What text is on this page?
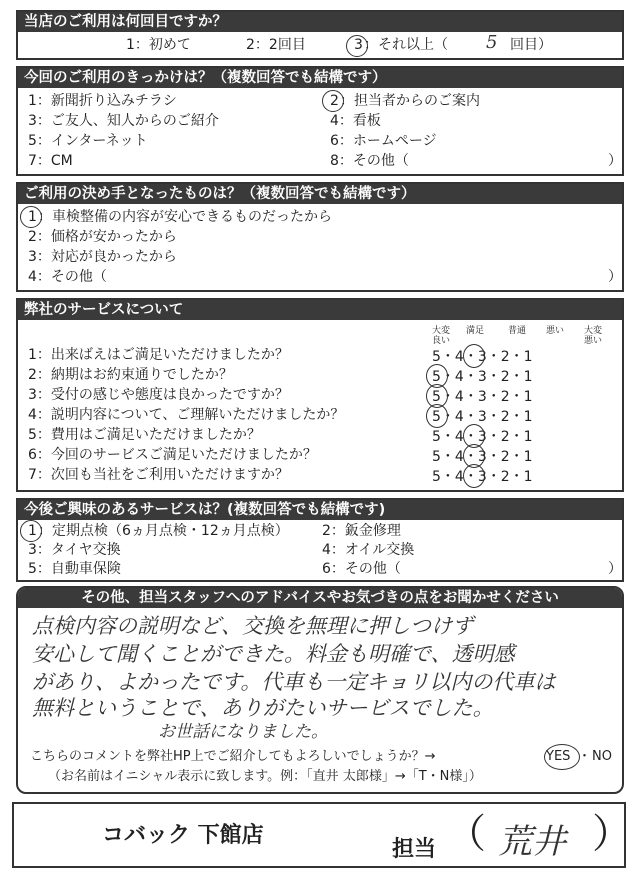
当店のご利用は何回目ですか？
1：初めて	2：2回目	3 ：それ以上（ 5 回目）
今回のご利用のきっかけは？（複数回答でも結構です）
1：新聞折り込みチラシ
3：ご友人、知人からのご紹介
5：インターネット
7：CM
2 ：担当者からのご案内
4：看板
6：ホームページ
8：その他（	）
ご利用の決め手となったものは？（複数回答でも結構です）
1 ：車検整備の内容が安心できるものだったから
2：価格が安かったから
3：対応が良かったから
4：その他（	）
弊社のサービスについて
大変良い
満足	普通	悪い	大変悪い
1：出来ばえはご満足いただけましたか？	5・4・3・2・1
2：納期はお約束通りでしたか？	5・4・3・2・1
3：受付の感じや態度は良かったですか？	5・4・3・2・1
4：説明内容について、ご理解いただけましたか？	5・4・3・2・1
5：費用はご満足いただけましたか？	5・4・3・2・1
6：今回のサービスご満足いただけましたか？	5・4・3・2・1
7：次回も当社をご利用いただけますか？	5・4・3・2・1
今後ご興味のあるサービスは？(複数回答でも結構です)
1 ：定期点検（6ヵ月点検・12ヵ月点検）
3：タイヤ交換
5：自動車保険
2：鈑金修理
4：オイル交換
6：その他（	）
その他、担当スタッフへのアドバイスやお気づきの点をお聞かせください
点検内容の説明など、交換を無理に押しつけず
安心して聞くことができた。料金も明確で、透明感
があり、よかったです。代車も一定キョリ以内の代車は
無料ということで、ありがたいサービスでした。
お世話になりました。
こちらのコメントを弊社HP上でご紹介してもよろしいでしょうか？→	YES ・ NO
（お名前はイニシャル表示に致します。例：「直井 太郎様」→「T・N様」）
コバック 下館店
担当 （ 荒井 ）
